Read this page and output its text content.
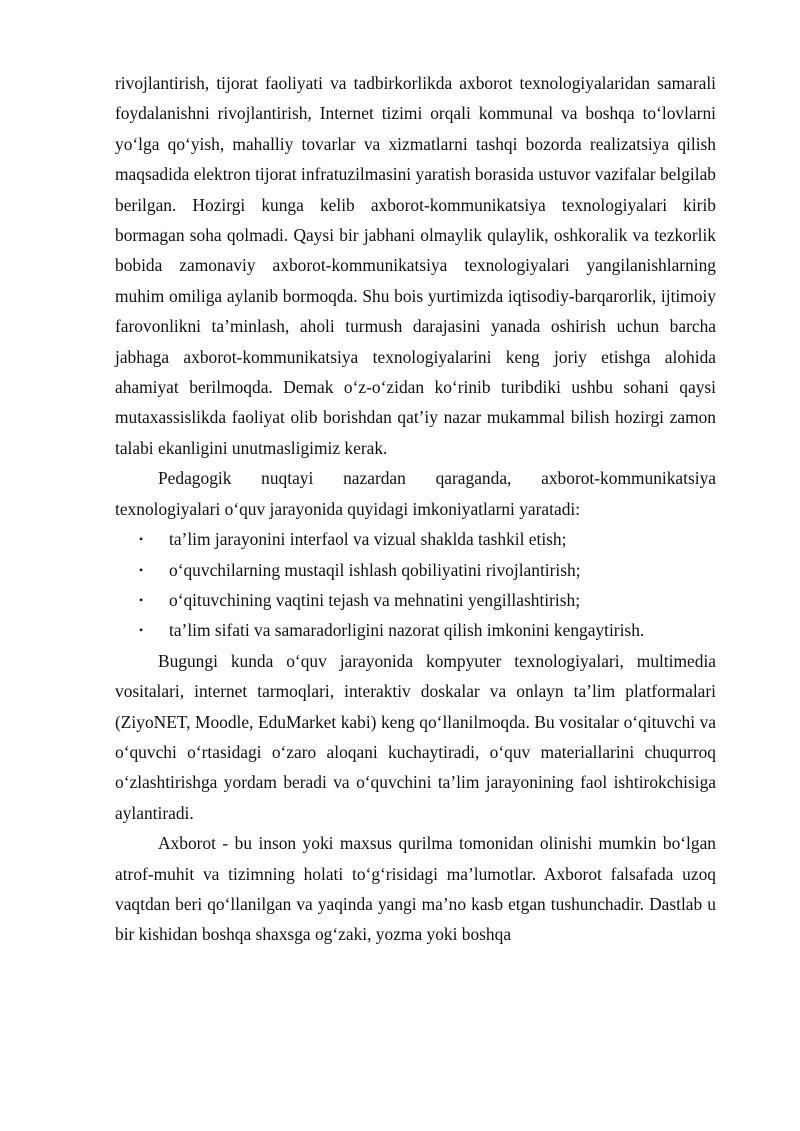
rivojlantirish, tijorat faoliyati va tadbirkorlikda axborot texnologiyalaridan samarali foydalanishni rivojlantirish, Internet tizimi orqali kommunal va boshqa to‘lovlarni yo‘lga qo‘yish, mahalliy tovarlar va xizmatlarni tashqi bozorda realizatsiya qilish maqsadida elektron tijorat infratuzilmasini yaratish borasida ustuvor vazifalar belgilab berilgan. Hozirgi kunga kelib axborot-kommunikatsiya texnologiyalari kirib bormagan soha qolmadi. Qaysi bir jabhani olmaylik qulaylik, oshkoralik va tezkorlik bobida zamonaviy axborot-kommunikatsiya texnologiyalari yangilanishlarning muhim omiliga aylanib bormoqda. Shu bois yurtimizda iqtisodiy-barqarorlik, ijtimoiy farovonlikni ta’minlash, aholi turmush darajasini yanada oshirish uchun barcha jabhaga axborot-kommunikatsiya texnologiyalarini keng joriy etishga alohida ahamiyat berilmoqda. Demak o‘z-o‘zidan ko‘rinib turibdiki ushbu sohani qaysi mutaxassislikda faoliyat olib borishdan qat’iy nazar mukammal bilish hozirgi zamon talabi ekanligini unutmasligimiz kerak.

Pedagogik nuqtayi nazardan qaraganda, axborot-kommunikatsiya texnologiyalari o‘quv jarayonida quyidagi imkoniyatlarni yaratadi:

• ta’lim jarayonini interfaol va vizual shaklda tashkil etish;
• o‘quvchilarning mustaqil ishlash qobiliyatini rivojlantirish;
• o‘qituvchining vaqtini tejash va mehnatini yengillashtirish;
• ta’lim sifati va samaradorligini nazorat qilish imkonini kengaytirish.

Bugungi kunda o‘quv jarayonida kompyuter texnologiyalari, multimedia vositalari, internet tarmoqlari, interaktiv doskalar va onlayn ta’lim platformalari (ZiyoNET, Moodle, EduMarket kabi) keng qo‘llanilmoqda. Bu vositalar o‘qituvchi va o‘quvchi o‘rtasidagi o‘zaro aloqani kuchaytiradi, o‘quv materiallarini chuqurroq o‘zlashtirishga yordam beradi va o‘quvchini ta’lim jarayonining faol ishtirokchisiga aylantiradi.

Axborot - bu inson yoki maxsus qurilma tomonidan olinishi mumkin bo‘lgan atrof-muhit va tizimning holati to‘g‘risidagi ma’lumotlar. Axborot falsafada uzoq vaqtdan beri qo‘llanilgan va yaqinda yangi ma’no kasb etgan tushunchadir. Dastlab u bir kishidan boshqa shaxsga og‘zaki, yozma yoki boshqa
